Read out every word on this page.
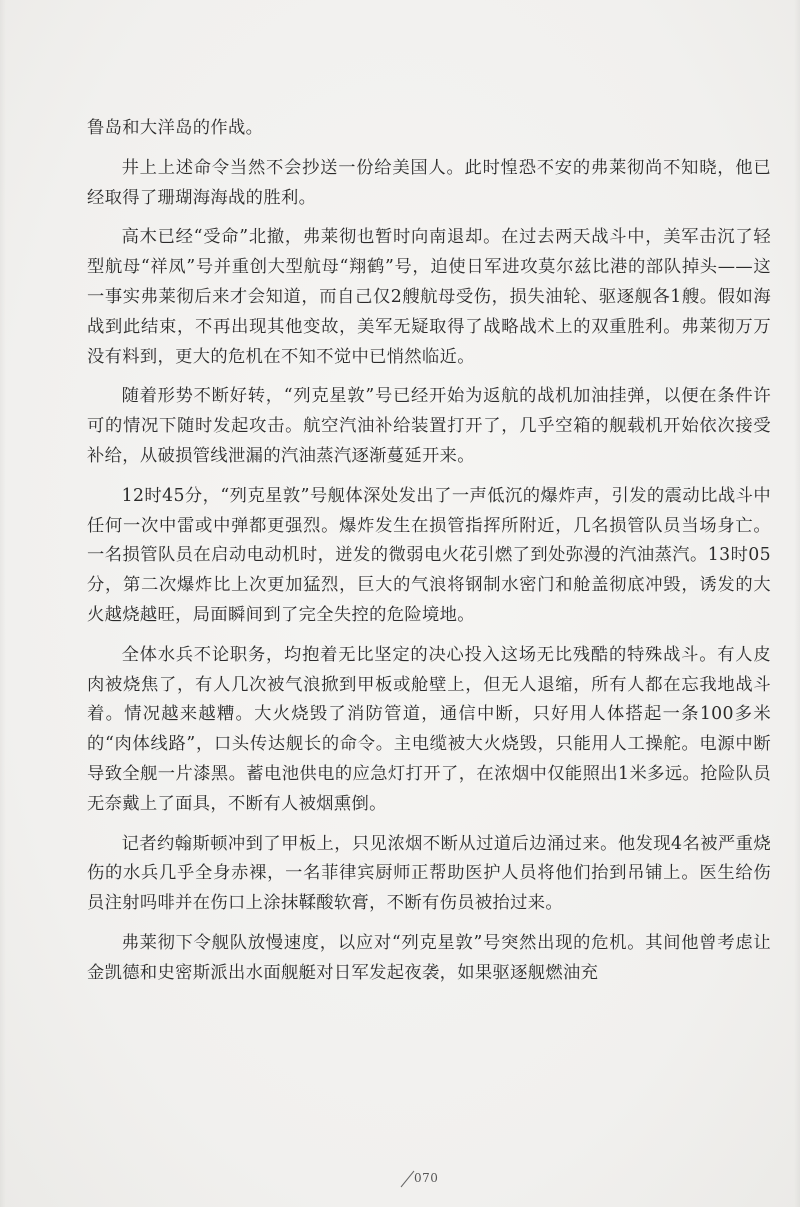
鲁岛和大洋岛的作战。

井上上述命令当然不会抄送一份给美国人。此时惶恐不安的弗莱彻尚不知晓，他已经取得了珊瑚海海战的胜利。

高木已经“受命”北撤，弗莱彻也暂时向南退却。在过去两天战斗中，美军击沉了轻型航母“祥凤”号并重创大型航母“翔鹤”号，迫使日军进攻莫尔兹比港的部队掉头——这一事实弗莱彻后来才会知道，而自己仅2艘航母受伤，损失油轮、驱逐舰各1艘。假如海战到此结束，不再出现其他变故，美军无疑取得了战略战术上的双重胜利。弗莱彻万万没有料到，更大的危机在不知不觉中已悄然临近。

随着形势不断好转，“列克星敦”号已经开始为返航的战机加油挂弹，以便在条件许可的情况下随时发起攻击。航空汽油补给装置打开了，几乎空箱的舰载机开始依次接受补给，从破损管线泄漏的汽油蒸汽逐渐蔓延开来。

12时45分，“列克星敦”号舰体深处发出了一声低沉的爆炸声，引发的震动比战斗中任何一次中雷或中弹都更强烈。爆炸发生在损管指挥所附近，几名损管队员当场身亡。一名损管队员在启动电动机时，迸发的微弱电火花引燃了到处弥漫的汽油蒸汽。13时05分，第二次爆炸比上次更加猛烈，巨大的气浪将钢制水密门和舱盖彻底冲毁，诱发的大火越烧越旺，局面瞬间到了完全失控的危险境地。

全体水兵不论职务，均抱着无比坚定的决心投入这场无比残酷的特殊战斗。有人皮肉被烧焦了，有人几次被气浪掀到甲板或舱壁上，但无人退缩，所有人都在忘我地战斗着。情况越来越糟。大火烧毁了消防管道，通信中断，只好用人体搭起一条100多米的“肉体线路”，口头传达舰长的命令。主电缆被大火烧毁，只能用人工操舵。电源中断导致全舰一片漆黑。蓄电池供电的应急灯打开了，在浓烟中仅能照出1米多远。抢险队员无奈戴上了面具，不断有人被烟熏倒。

记者约翰斯顿冲到了甲板上，只见浓烟不断从过道后边涌过来。他发现4名被严重烧伤的水兵几乎全身赤裸，一名菲律宾厨师正帮助医护人员将他们抬到吊铺上。医生给伤员注射吗啡并在伤口上涂抹鞣酸软膏，不断有伤员被抬过来。

弗莱彻下令舰队放慢速度，以应对“列克星敦”号突然出现的危机。其间他曾考虑让金凯德和史密斯派出水面舰艇对日军发起夜袭，如果驱逐舰燃油充

070
